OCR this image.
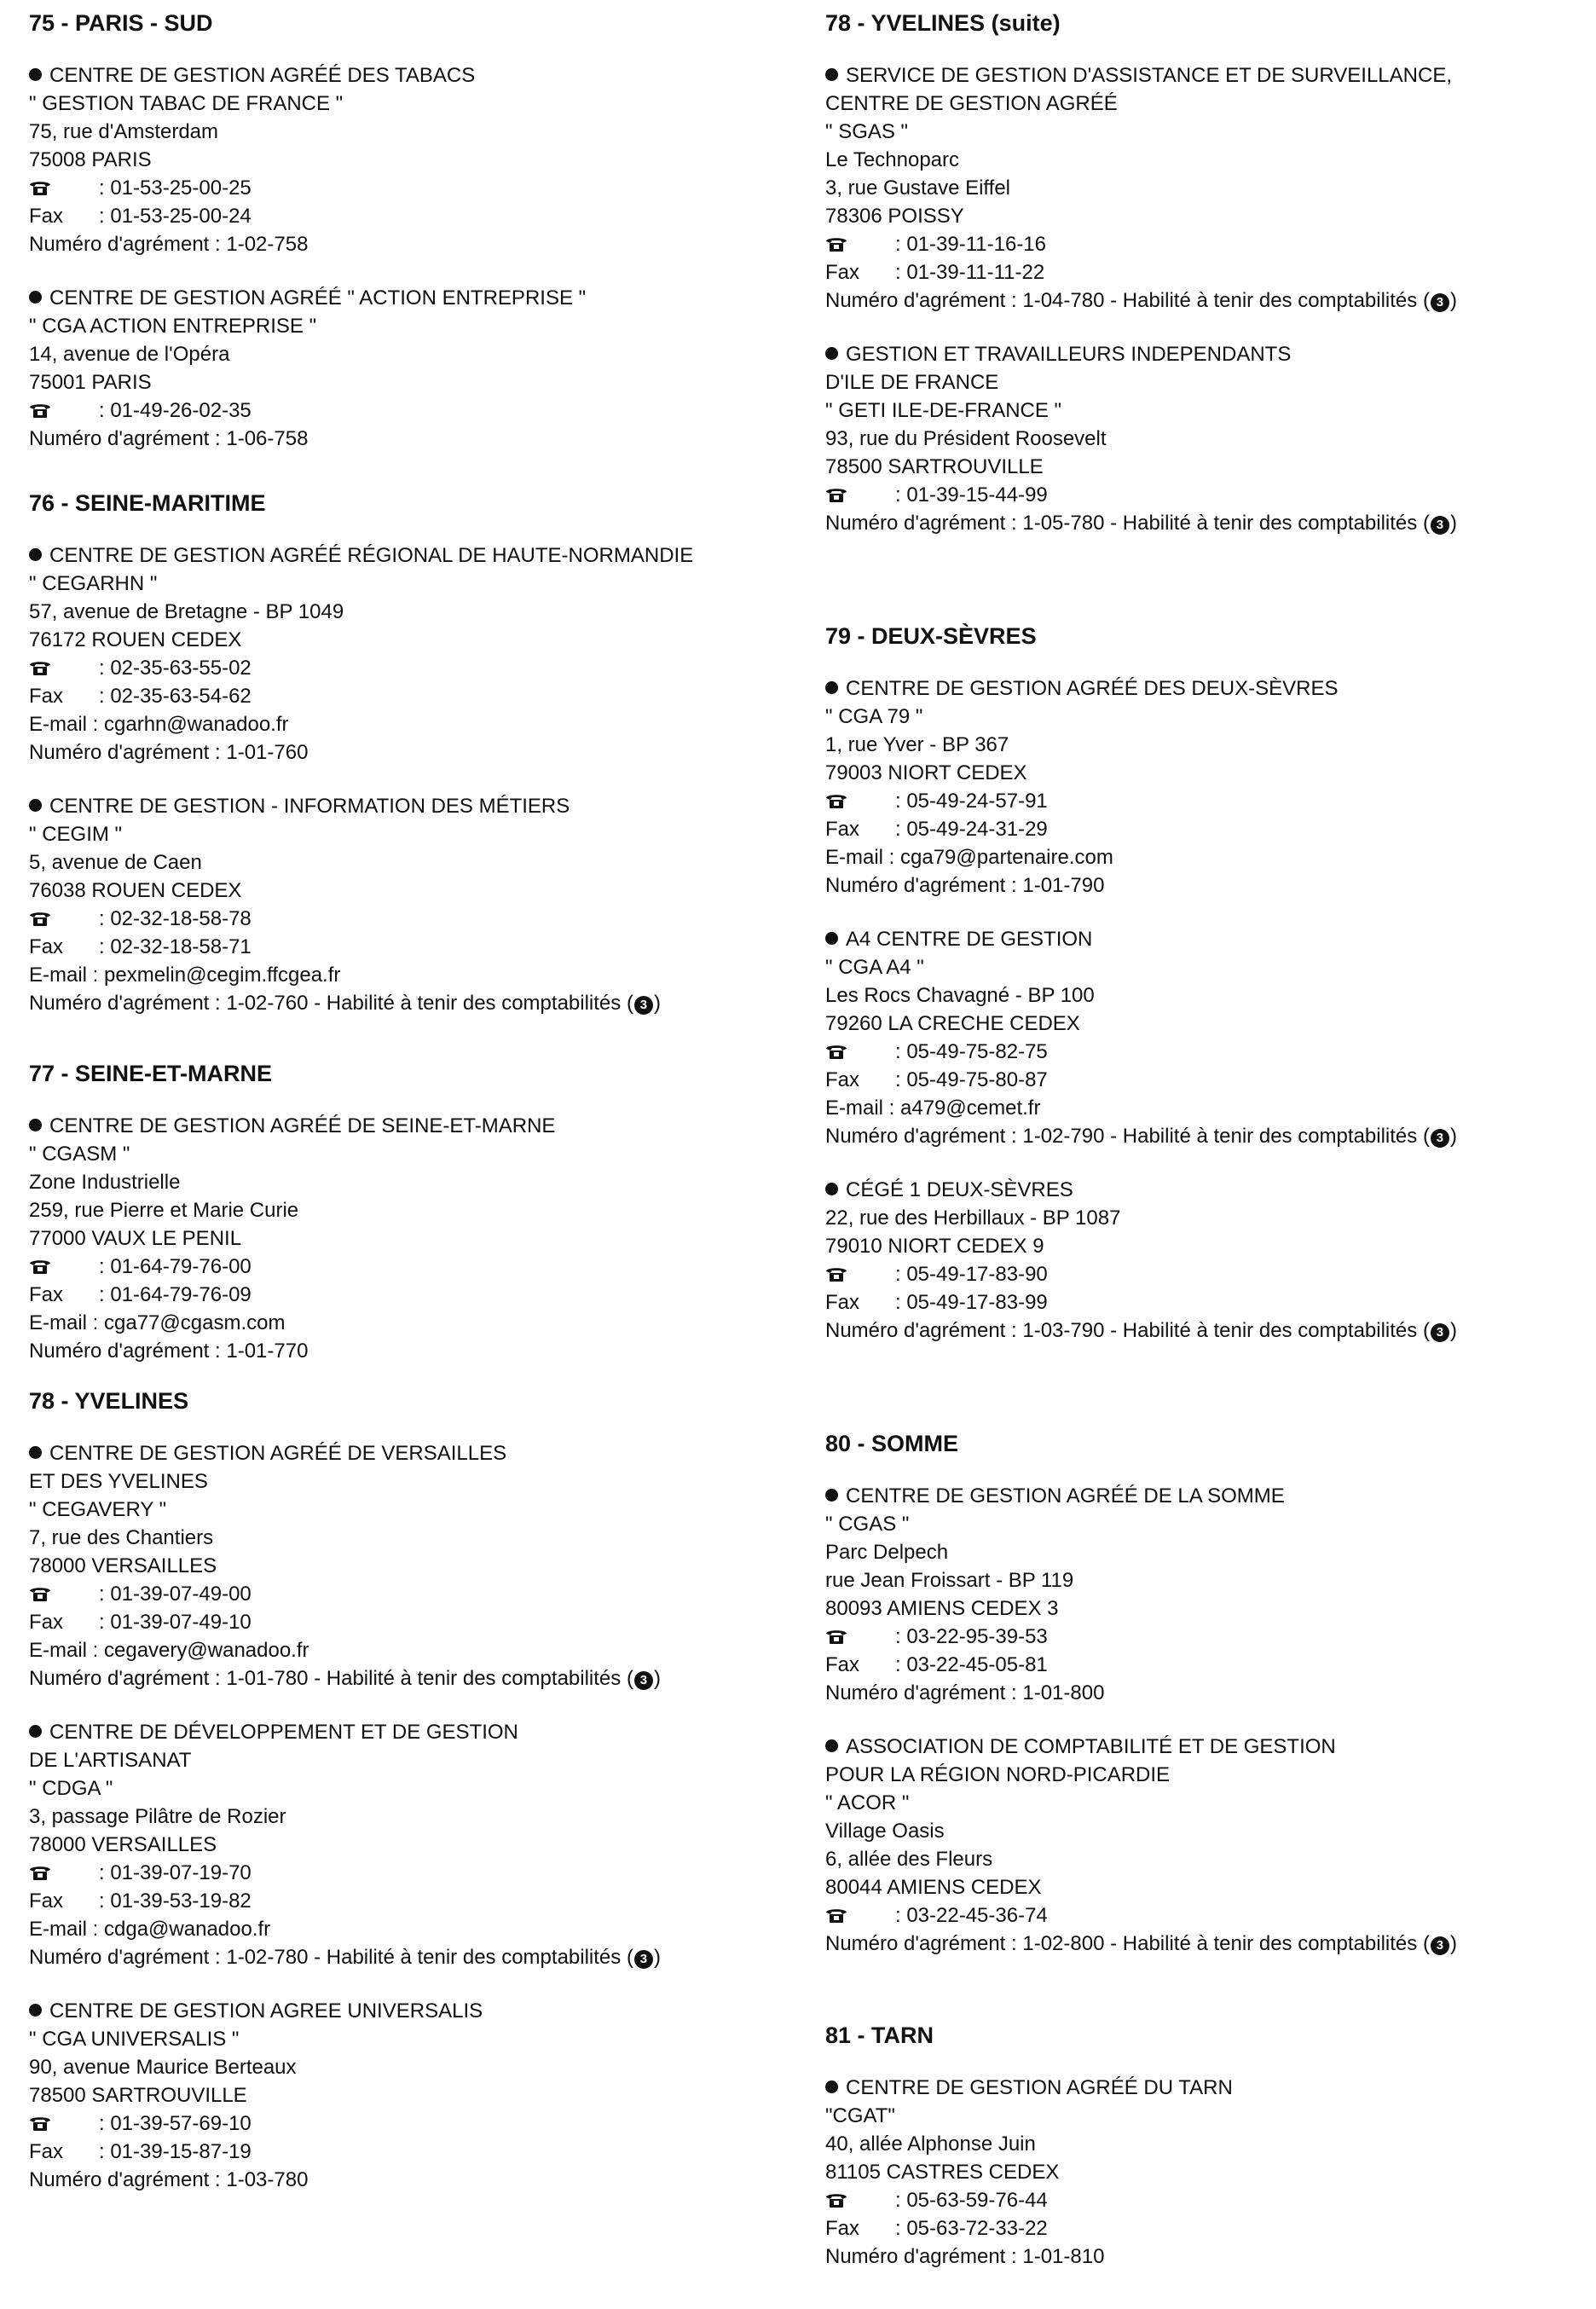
75 - PARIS - SUD
CENTRE DE GESTION AGRÉÉ DES TABACS
" GESTION TABAC DE FRANCE "
75, rue d'Amsterdam
75008 PARIS
: 01-53-25-00-25
Fax : 01-53-25-00-24
Numéro d'agrément : 1-02-758
CENTRE DE GESTION AGRÉÉ " ACTION ENTREPRISE "
" CGA ACTION ENTREPRISE "
14, avenue de l'Opéra
75001 PARIS
: 01-49-26-02-35
Numéro d'agrément : 1-06-758
76 - SEINE-MARITIME
CENTRE DE GESTION AGRÉÉ RÉGIONAL DE HAUTE-NORMANDIE
" CEGARHN "
57, avenue de Bretagne - BP 1049
76172 ROUEN CEDEX
: 02-35-63-55-02
Fax : 02-35-63-54-62
E-mail : cgarhn@wanadoo.fr
Numéro d'agrément : 1-01-760
CENTRE DE GESTION - INFORMATION DES MÉTIERS
" CEGIM "
5, avenue de Caen
76038 ROUEN CEDEX
: 02-32-18-58-78
Fax : 02-32-18-58-71
E-mail : pexmelin@cegim.ffcgea.fr
Numéro d'agrément : 1-02-760 - Habilité à tenir des comptabilités ( 3 )
77 - SEINE-ET-MARNE
CENTRE DE GESTION AGRÉÉ DE SEINE-ET-MARNE
" CGASM "
Zone Industrielle
259, rue Pierre et Marie Curie
77000 VAUX LE PENIL
: 01-64-79-76-00
Fax : 01-64-79-76-09
E-mail : cga77@cgasm.com
Numéro d'agrément : 1-01-770
78 - YVELINES
CENTRE DE GESTION AGRÉÉ DE VERSAILLES
ET DES YVELINES
" CEGAVERY "
7, rue des Chantiers
78000 VERSAILLES
: 01-39-07-49-00
Fax : 01-39-07-49-10
E-mail : cegavery@wanadoo.fr
Numéro d'agrément : 1-01-780 - Habilité à tenir des comptabilités ( 3 )
CENTRE DE DÉVELOPPEMENT ET DE GESTION
DE L'ARTISANAT
" CDGA "
3, passage Pilâtre de Rozier
78000 VERSAILLES
: 01-39-07-19-70
Fax : 01-39-53-19-82
E-mail : cdga@wanadoo.fr
Numéro d'agrément : 1-02-780 - Habilité à tenir des comptabilités ( 3 )
CENTRE DE GESTION AGREE UNIVERSALIS
" CGA UNIVERSALIS "
90, avenue Maurice Berteaux
78500 SARTROUVILLE
: 01-39-57-69-10
Fax : 01-39-15-87-19
Numéro d'agrément : 1-03-780
78 - YVELINES (suite)
SERVICE DE GESTION D'ASSISTANCE ET DE SURVEILLANCE,
CENTRE DE GESTION AGRÉÉ
" SGAS "
Le Technoparc
3, rue Gustave Eiffel
78306 POISSY
: 01-39-11-16-16
Fax : 01-39-11-11-22
Numéro d'agrément : 1-04-780 - Habilité à tenir des comptabilités ( 3 )
GESTION ET TRAVAILLEURS INDEPENDANTS
D'ILE DE FRANCE
" GETI ILE-DE-FRANCE "
93, rue du Président Roosevelt
78500 SARTROUVILLE
: 01-39-15-44-99
Numéro d'agrément : 1-05-780 - Habilité à tenir des comptabilités ( 3 )
79 - DEUX-SÈVRES
CENTRE DE GESTION AGRÉÉ DES DEUX-SÈVRES
" CGA 79 "
1, rue Yver - BP 367
79003 NIORT CEDEX
: 05-49-24-57-91
Fax : 05-49-24-31-29
E-mail : cga79@partenaire.com
Numéro d'agrément : 1-01-790
A4 CENTRE DE GESTION
" CGA A4 "
Les Rocs Chavagné - BP 100
79260 LA CRECHE CEDEX
: 05-49-75-82-75
Fax : 05-49-75-80-87
E-mail : a479@cemet.fr
Numéro d'agrément : 1-02-790 - Habilité à tenir des comptabilités ( 3 )
CÉGÉ 1 DEUX-SÈVRES
22, rue des Herbillaux - BP 1087
79010 NIORT CEDEX 9
: 05-49-17-83-90
Fax : 05-49-17-83-99
Numéro d'agrément : 1-03-790 - Habilité à tenir des comptabilités ( 3 )
80 - SOMME
CENTRE DE GESTION AGRÉÉ DE LA SOMME
" CGAS "
Parc Delpech
rue Jean Froissart - BP 119
80093 AMIENS CEDEX 3
: 03-22-95-39-53
Fax : 03-22-45-05-81
Numéro d'agrément : 1-01-800
ASSOCIATION DE COMPTABILITÉ ET DE GESTION
POUR LA RÉGION NORD-PICARDIE
" ACOR "
Village Oasis
6, allée des Fleurs
80044 AMIENS CEDEX
: 03-22-45-36-74
Numéro d'agrément : 1-02-800 - Habilité à tenir des comptabilités ( 3 )
81 - TARN
CENTRE DE GESTION AGRÉÉ DU TARN
"CGAT"
40, allée Alphonse Juin
81105 CASTRES CEDEX
: 05-63-59-76-44
Fax : 05-63-72-33-22
Numéro d'agrément : 1-01-810
